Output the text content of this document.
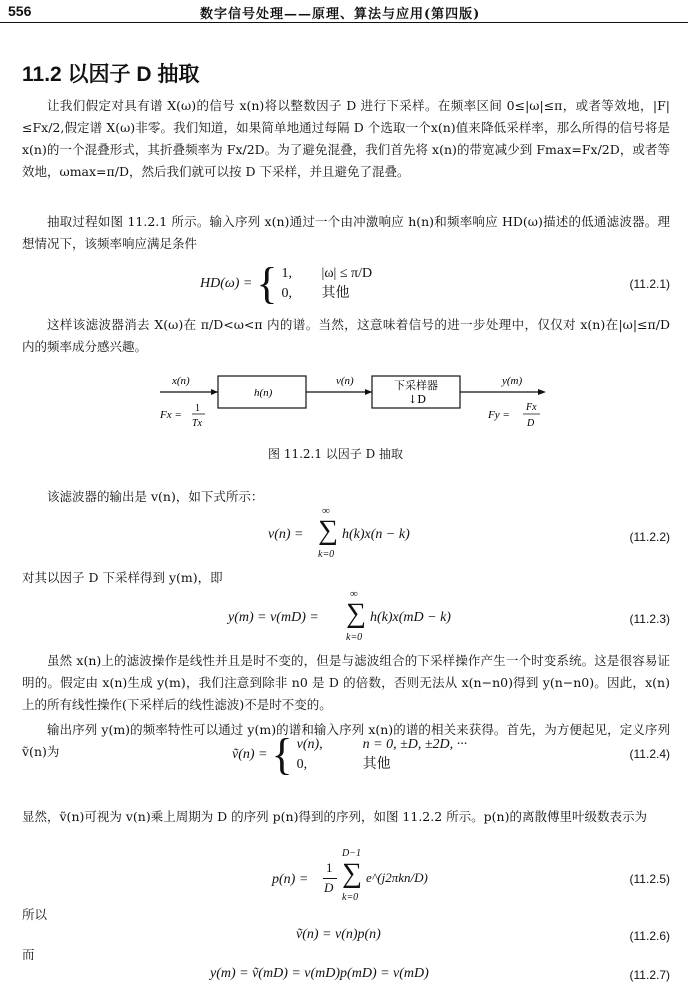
556	数字信号处理——原理、算法与应用(第四版)
11.2 以因子 D 抽取
让我们假定对具有谱 X(ω)的信号 x(n)将以整数因子 D 进行下采样。在频率区间 0≤|ω|≤π，或者等效地，|F|≤Fx/2,假定谱 X(ω)非零。我们知道，如果简单地通过每隔 D 个选取一个x(n)值来降低采样率，那么所得的信号将是 x(n)的一个混叠形式，其折叠频率为 Fx/2D。为了避免混叠，我们首先将 x(n)的带宽减少到 Fmax=Fx/2D，或者等效地，ωmax=π/D，然后我们就可以按 D 下采样，并且避免了混叠。
抽取过程如图 11.2.1 所示。输入序列 x(n)通过一个由冲激响应 h(n)和频率响应 HD(ω)描述的低通滤波器。理想情况下，该频率响应满足条件
HD(ω) = { 1, |ω| ≤ π/D
0, 其他
(11.2.1)
这样该滤波器消去 X(ω)在 π/D<ω<π 内的谱。当然，这意味着信号的进一步处理中，仅仅对 x(n)在|ω|≤π/D 内的频率成分感兴趣。
x(n)
h(n)
v(n)	下采样器
↓D
y(m)
Fx =
1
Tx
Fy =
Fx
D
图 11.2.1 以因子 D 抽取
该滤波器的输出是 v(n)，如下式所示：
v(n) =
∞
∑
k=0
h(k)x(n − k)	(11.2.2)
对其以因子 D 下采样得到 y(m)，即
y(m) = v(mD) =
∞
∑
k=0
h(k)x(mD − k)	(11.2.3)
虽然 x(n)上的滤波操作是线性并且是时不变的，但是与滤波组合的下采样操作产生一个时变系统。这是很容易证明的。假定由 x(n)生成 y(m)，我们注意到除非 n0 是 D 的倍数，否则无法从 x(n−n0)得到 y(n−n0)。因此，x(n)上的所有线性操作(下采样后的线性滤波)不是时不变的。
输出序列 y(m)的频率特性可以通过 y(m)的谱和输入序列 x(n)的谱的相关来获得。首先，为方便起见，定义序列 ṽ(n)为	ṽ(n) = { v(n),	n = 0, ±D, ±2D, ···
0,	其他
(11.2.4)
显然，ṽ(n)可视为 v(n)乘上周期为 D 的序列 p(n)得到的序列，如图 11.2.2 所示。p(n)的离散傅里叶级数表示为
p(n) =
1
D
D−1
∑
k=0
e^(j2πkn/D)	(11.2.5)
所以
ṽ(n) = v(n)p(n)	(11.2.6)
而
y(m) = ṽ(mD) = v(mD)p(mD) = v(mD)	(11.2.7)
